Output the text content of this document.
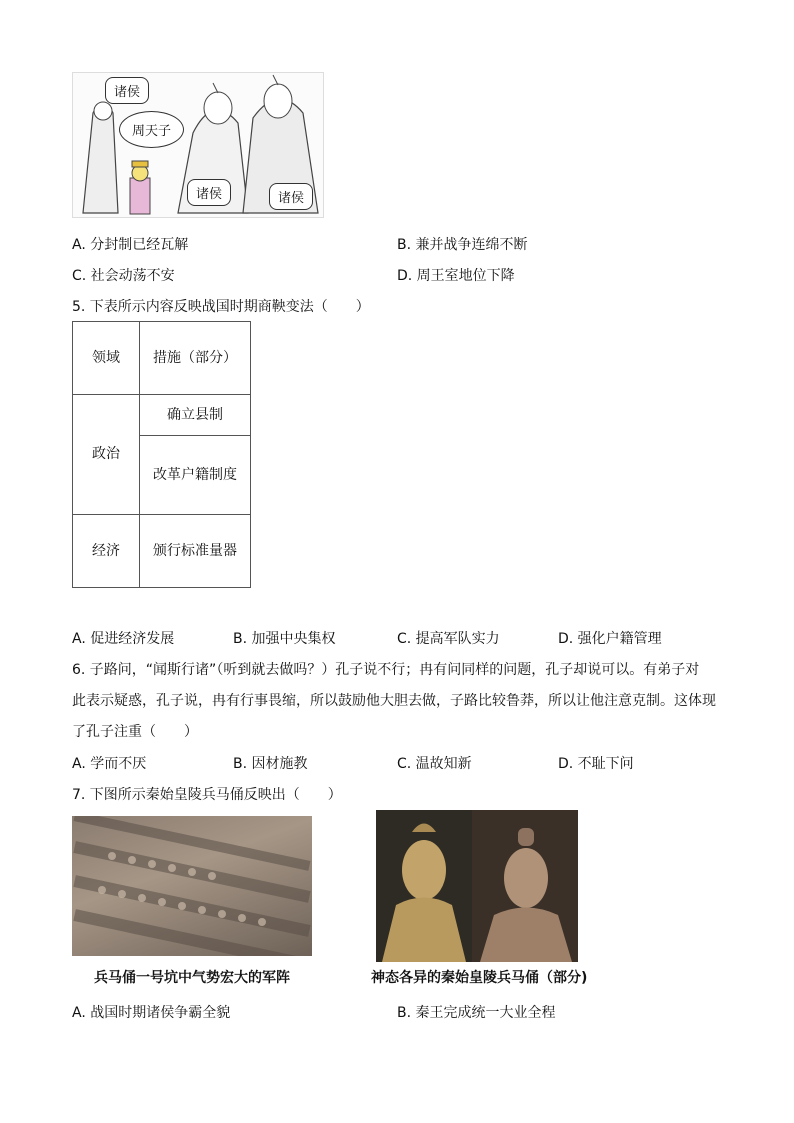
诸侯
周天子
诸侯	诸侯
A. 分封制已经瓦解	B. 兼并战争连绵不断
C. 社会动荡不安	D. 周王室地位下降
5. 下表所示内容反映战国时期商鞅变法（　　）
领域	措施（部分）
政治	确立县制
	改革户籍制度
经济	颁行标准量器
A. 促进经济发展	B. 加强中央集权	C. 提高军队实力	D. 强化户籍管理
6. 子路问，“闻斯行诸”（听到就去做吗？）孔子说不行；冉有问同样的问题，孔子却说可以。有弟子对
此表示疑惑，孔子说，冉有行事畏缩，所以鼓励他大胆去做，子路比较鲁莽，所以让他注意克制。这体现
了孔子注重（　　）
A. 学而不厌	B. 因材施教	C. 温故知新	D. 不耻下问
7. 下图所示秦始皇陵兵马俑反映出（　　）
兵马俑一号坑中气势宏大的军阵	神态各异的秦始皇陵兵马俑（部分)
A. 战国时期诸侯争霸全貌	B. 秦王完成统一大业全程
